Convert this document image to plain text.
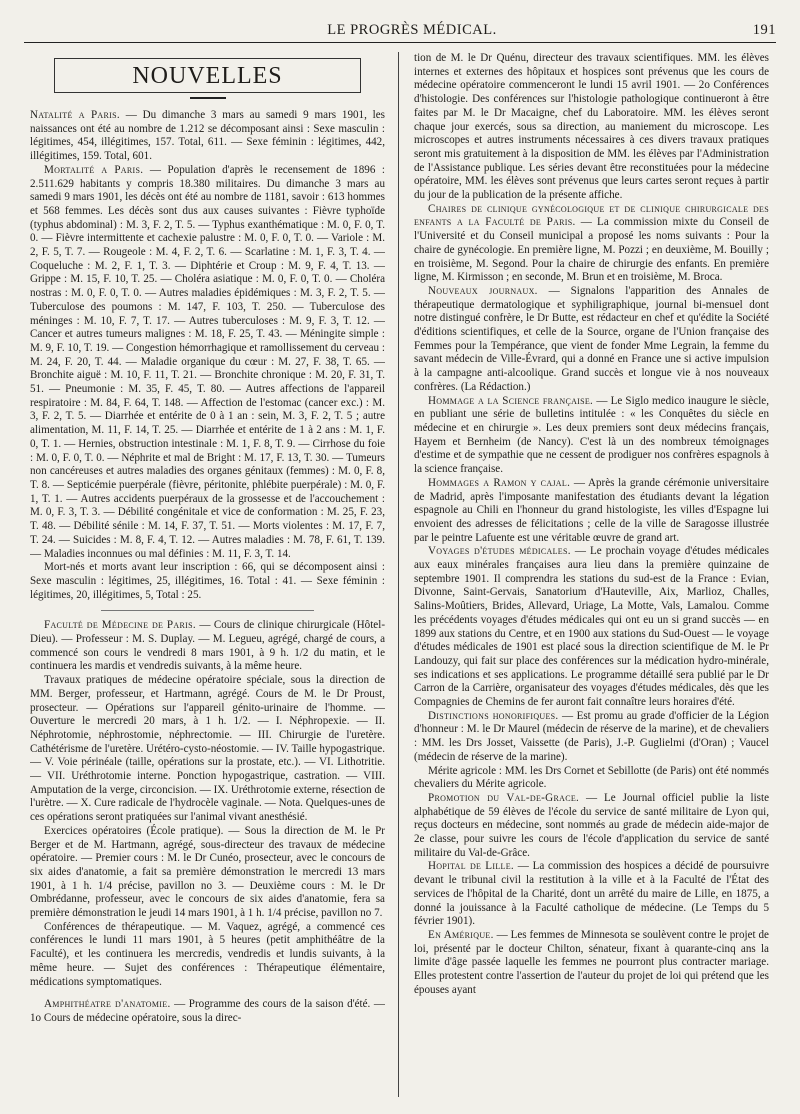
LE PROGRÈS MÉDICAL.	191
NOUVELLES

Natalité a Paris. — Du dimanche 3 mars au samedi 9 mars 1901, les naissances ont été au nombre de 1.212 se décomposant ainsi : Sexe masculin : légitimes, 454, illégitimes, 157. Total, 611. — Sexe féminin : légitimes, 442, illégitimes, 159. Total, 601.

Mortalité a Paris. — Population d'après le recensement de 1896 : 2.511.629 habitants y compris 18.380 militaires. Du dimanche 3 mars au samedi 9 mars 1901, les décès ont été au nombre de 1181, savoir : 613 hommes et 568 femmes. Les décès sont dus aux causes suivantes : Fièvre typhoïde (typhus abdominal) : M. 3, F. 2, T. 5. — Typhus exanthématique : M. 0, F. 0, T. 0. — Fièvre intermittente et cachexie palustre : M. 0, F. 0, T. 0. — Variole : M. 2, F. 5, T. 7. — Rougeole : M. 4, F. 2, T. 6. — Scarlatine : M. 1, F. 3, T. 4. — Coqueluche : M. 2, F. 1, T. 3. — Diphtérie et Croup : M. 9, F. 4, T. 13. — Grippe : M. 15, F. 10, T. 25. — Choléra asiatique : M. 0, F. 0, T. 0. — Choléra nostras : M. 0, F. 0, T. 0. — Autres maladies épidémiques : M. 3, F. 2, T. 5. — Tuberculose des poumons : M. 147, F. 103, T. 250. — Tuberculose des méninges : M. 10, F. 7, T. 17. — Autres tuberculoses : M. 9, F. 3, T. 12. — Cancer et autres tumeurs malignes : M. 18, F. 25, T. 43. — Méningite simple : M. 9, F. 10, T. 19. — Congestion hémorrhagique et ramollissement du cerveau : M. 24, F. 20, T. 44. — Maladie organique du cœur : M. 27, F. 38, T. 65. — Bronchite aiguë : M. 10, F. 11, T. 21. — Bronchite chronique : M. 20, F. 31, T. 51. — Pneumonie : M. 35, F. 45, T. 80. — Autres affections de l'appareil respiratoire : M. 84, F. 64, T. 148. — Affection de l'estomac (cancer exc.) : M. 3, F. 2, T. 5. — Diarrhée et entérite de 0 à 1 an : sein, M. 3, F. 2, T. 5 ; autre alimentation, M. 11, F. 14, T. 25. — Diarrhée et entérite de 1 à 2 ans : M. 1, F. 0, T. 1. — Hernies, obstruction intestinale : M. 1, F. 8, T. 9. — Cirrhose du foie : M. 0, F. 0, T. 0. — Néphrite et mal de Bright : M. 17, F. 13, T. 30. — Tumeurs non cancéreuses et autres maladies des organes génitaux (femmes) : M. 0, F. 8, T. 8. — Septicémie puerpérale (fièvre, péritonite, phlébite puerpérale) : M. 0, F. 1, T. 1. — Autres accidents puerpéraux de la grossesse et de l'accouchement : M. 0, F. 3, T. 3. — Débilité congénitale et vice de conformation : M. 25, F. 23, T. 48. — Débilité sénile : M. 14, F. 37, T. 51. — Morts violentes : M. 17, F. 7, T. 24. — Suicides : M. 8, F. 4, T. 12. — Autres maladies : M. 78, F. 61, T. 139. — Maladies inconnues ou mal définies : M. 11, F. 3, T. 14.

Mort-nés et morts avant leur inscription : 66, qui se décomposent ainsi : Sexe masculin : légitimes, 25, illégitimes, 16. Total : 41. — Sexe féminin : légitimes, 20, illégitimes, 5, Total : 25.

Faculté de Médecine de Paris. — Cours de clinique chirurgicale (Hôtel-Dieu). — Professeur : M. S. Duplay. — M. Legueu, agrégé, chargé de cours, a commencé son cours le vendredi 8 mars 1901, à 9 h. 1/2 du matin, et le continuera les mardis et vendredis suivants, à la même heure.

Travaux pratiques de médecine opératoire spéciale, sous la direction de MM. Berger, professeur, et Hartmann, agrégé. Cours de M. le Dr Proust, prosecteur. — Opérations sur l'appareil génito-urinaire de l'homme. — Ouverture le mercredi 20 mars, à 1 h. 1/2. — I. Néphropexie. — II. Néphrotomie, néphrostomie, néphrectomie. — III. Chirurgie de l'uretère. Cathétérisme de l'uretère. Urétéro-cysto-néostomie. — IV. Taille hypogastrique. — V. Voie périnéale (taille, opérations sur la prostate, etc.). — VI. Lithotritie. — VII. Uréthrotomie interne. Ponction hypogastrique, castration. — VIII. Amputation de la verge, circoncision. — IX. Uréthrotomie externe, résection de l'urètre. — X. Cure radicale de l'hydrocèle vaginale. — Nota. Quelques-unes de ces opérations seront pratiquées sur l'animal vivant anesthésié.

Exercices opératoires (École pratique). — Sous la direction de M. le Pr Berger et de M. Hartmann, agrégé, sous-directeur des travaux de médecine opératoire. — Premier cours : M. le Dr Cunéo, prosecteur, avec le concours de six aides d'anatomie, a fait sa première démonstration le mercredi 13 mars 1901, à 1 h. 1/4 précise, pavillon no 3. — Deuxième cours : M. le Dr Ombrédanne, professeur, avec le concours de six aides d'anatomie, fera sa première démonstration le jeudi 14 mars 1901, à 1 h. 1/4 précise, pavillon no 7.

Conférences de thérapeutique. — M. Vaquez, agrégé, a commencé ces conférences le lundi 11 mars 1901, à 5 heures (petit amphithéâtre de la Faculté), et les continuera les mercredis, vendredis et lundis suivants, à la même heure. — Sujet des conférences : Thérapeutique élémentaire, médications symptomatiques.

Amphithéatre d'anatomie. — Programme des cours de la saison d'été. — 1o Cours de médecine opératoire, sous la direc-

tion de M. le Dr Quénu, directeur des travaux scientifiques. MM. les élèves internes et externes des hôpitaux et hospices sont prévenus que les cours de médecine opératoire commenceront le lundi 15 avril 1901. — 2o Conférences d'histologie. Des conférences sur l'histologie pathologique continueront à être faites par M. le Dr Macaigne, chef du Laboratoire. MM. les élèves seront chaque jour exercés, sous sa direction, au maniement du microscope. Les microscopes et autres instruments nécessaires à ces divers travaux pratiques seront mis gratuitement à la disposition de MM. les élèves par l'Administration de l'Assistance publique. Les séries devant être reconstituées pour la médecine opératoire, MM. les élèves sont prévenus que leurs cartes seront reçues à partir du jour de la publication de la présente affiche.

Chaires de clinique gynécologique et de clinique chirurgicale des enfants a la Faculté de Paris. — La commission mixte du Conseil de l'Université et du Conseil municipal a proposé les noms suivants : Pour la chaire de gynécologie. En première ligne, M. Pozzi ; en deuxième, M. Bouilly ; en troisième, M. Segond. Pour la chaire de chirurgie des enfants. En première ligne, M. Kirmisson ; en seconde, M. Brun et en troisième, M. Broca.

Nouveaux journaux. — Signalons l'apparition des Annales de thérapeutique dermatologique et syphiligraphique, journal bi-mensuel dont notre distingué confrère, le Dr Butte, est rédacteur en chef et qu'édite la Société d'éditions scientifiques, et celle de la Source, organe de l'Union française des Femmes pour la Tempérance, que vient de fonder Mme Legrain, la femme du savant médecin de Ville-Évrard, qui a donné en France une si active impulsion à la campagne anti-alcoolique. Grand succès et longue vie à nos nouveaux confrères. (La Rédaction.)

Hommage a la Science française. — Le Siglo medico inaugure le siècle, en publiant une série de bulletins intitulée : « les Conquêtes du siècle en médecine et en chirurgie ». Les deux premiers sont deux médecins français, Hayem et Bernheim (de Nancy). C'est là un des nombreux témoignages d'estime et de sympathie que ne cessent de prodiguer nos confrères espagnols à la science française.

Hommages a Ramon y cajal. — Après la grande cérémonie universitaire de Madrid, après l'imposante manifestation des étudiants devant la légation espagnole au Chili en l'honneur du grand histologiste, les villes d'Espagne lui envoient des adresses de félicitations ; celle de la ville de Saragosse illustrée par le peintre Lafuente est une véritable œuvre de grand art.

Voyages d'études médicales. — Le prochain voyage d'études médicales aux eaux minérales françaises aura lieu dans la première quinzaine de septembre 1901. Il comprendra les stations du sud-est de la France : Evian, Divonne, Saint-Gervais, Sanatorium d'Hauteville, Aix, Marlioz, Challes, Salins-Moûtiers, Brides, Allevard, Uriage, La Motte, Vals, Lamalou. Comme les précédents voyages d'études médicales qui ont eu un si grand succès — en 1899 aux stations du Centre, et en 1900 aux stations du Sud-Ouest — le voyage d'études médicales de 1901 est placé sous la direction scientifique de M. le Pr Landouzy, qui fait sur place des conférences sur la médication hydro-minérale, ses indications et ses applications. Le programme détaillé sera publié par le Dr Carron de la Carrière, organisateur des voyages d'études médicales, dès que les Compagnies de Chemins de fer auront fait connaître leurs horaires d'été.

Distinctions honorifiques. — Est promu au grade d'officier de la Légion d'honneur : M. le Dr Maurel (médecin de réserve de la marine), et de chevaliers : MM. les Drs Josset, Vaissette (de Paris), J.-P. Guglielmi (d'Oran) ; Vaucel (médecin de réserve de la marine).

Mérite agricole : MM. les Drs Cornet et Sebillotte (de Paris) ont été nommés chevaliers du Mérite agricole.

Promotion du Val-de-Grace. — Le Journal officiel publie la liste alphabétique de 59 élèves de l'école du service de santé militaire de Lyon qui, reçus docteurs en médecine, sont nommés au grade de médecin aide-major de 2e classe, pour suivre les cours de l'école d'application du service de santé militaire du Val-de-Grâce.

Hopital de Lille. — La commission des hospices a décidé de poursuivre devant le tribunal civil la restitution à la ville et à la Faculté de l'État des services de l'hôpital de la Charité, dont un arrêté du maire de Lille, en 1875, a donné la jouissance à la Faculté catholique de médecine. (Le Temps du 5 février 1901).

En Amérique. — Les femmes de Minnesota se soulèvent contre le projet de loi, présenté par le docteur Chilton, sénateur, fixant à quarante-cinq ans la limite d'âge passée laquelle les femmes ne pourront plus contracter mariage. Elles protestent contre l'assertion de l'auteur du projet de loi qui prétend que les épouses ayant
